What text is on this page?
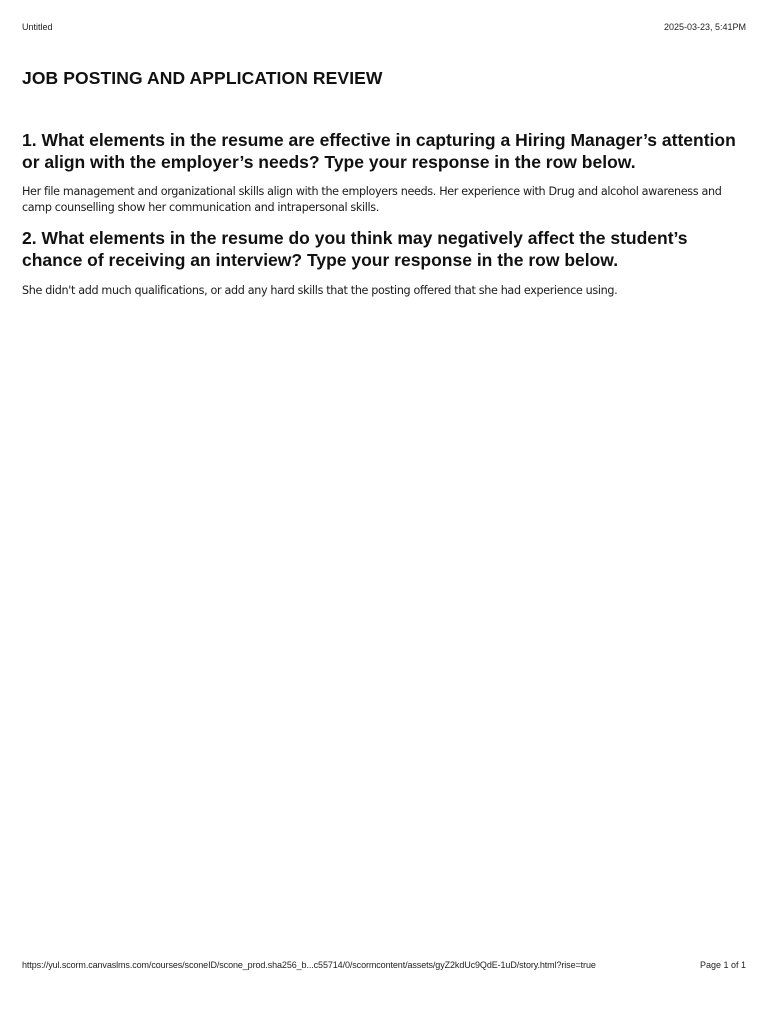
Untitled	2025-03-23, 5:41PM
JOB POSTING AND APPLICATION REVIEW
1. What elements in the resume are effective in capturing a Hiring Manager’s attention or align with the employer’s needs? Type your response in the row below.

Her file management and organizational skills align with the employers needs. Her experience with Drug and alcohol awareness and camp counselling show her communication and intrapersonal skills.

2. What elements in the resume do you think may negatively affect the student’s chance of receiving an interview? Type your response in the row below.

She didn't add much qualifications, or add any hard skills that the posting offered that she had experience using.

https://yul.scorm.canvaslms.com/courses/sconeID/scone_prod.sha256_b...c55714/0/scormcontent/assets/gyZ2kdUc9QdE-1uD/story.html?rise=true	Page 1 of 1
